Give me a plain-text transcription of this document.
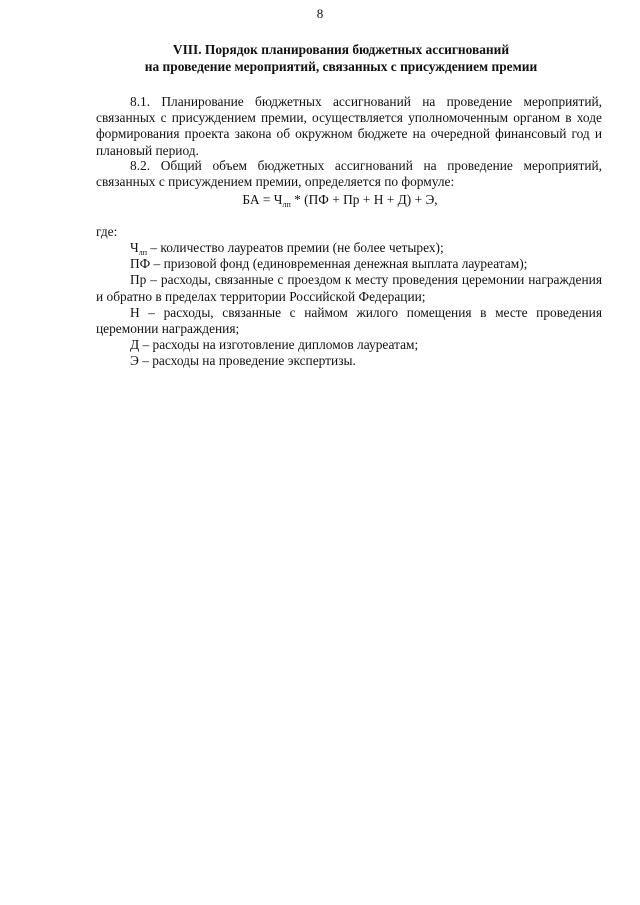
8
VIII. Порядок планирования бюджетных ассигнований
на проведение мероприятий, связанных с присуждением премии

8.1. Планирование бюджетных ассигнований на проведение мероприятий, связанных с присуждением премии, осуществляется уполномоченным органом в ходе формирования проекта закона об окружном бюджете на очередной финансовый год и плановый период.

8.2. Общий объем бюджетных ассигнований на проведение мероприятий, связанных с присуждением премии, определяется по формуле:

БА = $Ч_{лп} * (ПФ$ + Пр + Н + Д) + Э,
где:

$Ч_{лп}$ – количество лауреатов премии (не более четырех);

ПФ – призовой фонд (единовременная денежная выплата лауреатам);

Пр – расходы, связанные с проездом к месту проведения церемонии награждения и обратно в пределах территории Российской Федерации;

Н – расходы, связанные с наймом жилого помещения в месте проведения церемонии награждения;

Д – расходы на изготовление дипломов лауреатам;

Э – расходы на проведение экспертизы.
